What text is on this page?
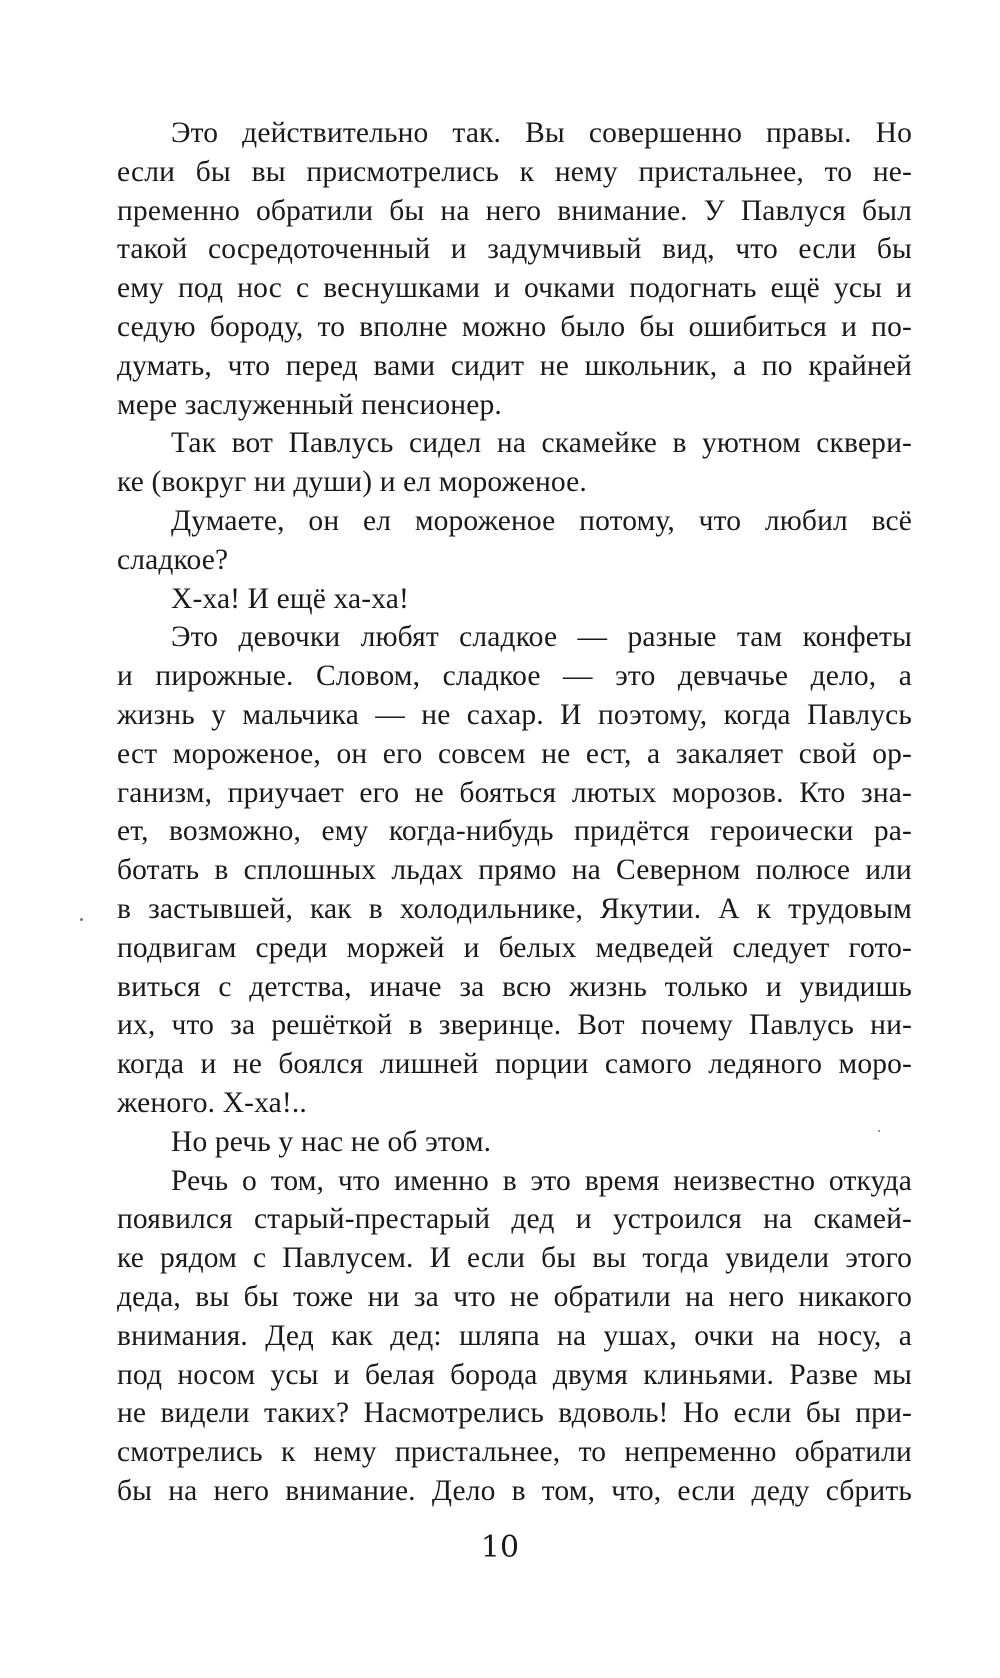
Это действительно так. Вы совершенно правы. Но
если бы вы присмотрелись к нему пристальнее, то не-
пременно обратили бы на него внимание. У Павлуся был
такой сосредоточенный и задумчивый вид, что если бы
ему под нос с веснушками и очками подогнать ещё усы и
седую бороду, то вполне можно было бы ошибиться и по-
думать, что перед вами сидит не школьник, а по крайней
мере заслуженный пенсионер.
Так вот Павлусь сидел на скамейке в уютном сквери-
ке (вокруг ни души) и ел мороженое.
Думаете, он ел мороженое потому, что любил всё
сладкое?
Х-ха! И ещё ха-ха!
Это девочки любят сладкое — разные там конфеты
и пирожные. Словом, сладкое — это девчачье дело, а
жизнь у мальчика — не сахар. И поэтому, когда Павлусь
ест мороженое, он его совсем не ест, а закаляет свой ор-
ганизм, приучает его не бояться лютых морозов. Кто зна-
ет, возможно, ему когда-нибудь придётся героически ра-
ботать в сплошных льдах прямо на Северном полюсе или
в застывшей, как в холодильнике, Якутии. А к трудовым
подвигам среди моржей и белых медведей следует гото-
виться с детства, иначе за всю жизнь только и увидишь
их, что за решёткой в зверинце. Вот почему Павлусь ни-
когда и не боялся лишней порции самого ледяного моро-
женого. Х-ха!..
Но речь у нас не об этом.
Речь о том, что именно в это время неизвестно откуда
появился старый-престарый дед и устроился на скамей-
ке рядом с Павлусем. И если бы вы тогда увидели этого
деда, вы бы тоже ни за что не обратили на него никакого
внимания. Дед как дед: шляпа на ушах, очки на носу, а
под носом усы и белая борода двумя клиньями. Разве мы
не видели таких? Насмотрелись вдоволь! Но если бы при-
смотрелись к нему пристальнее, то непременно обратили
бы на него внимание. Дело в том, что, если деду сбрить
10
